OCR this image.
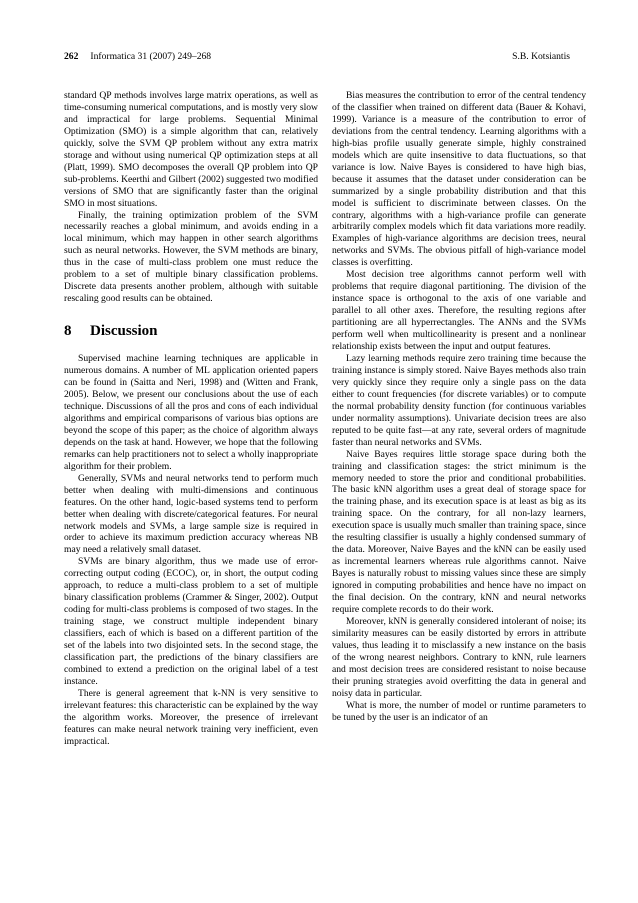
262 Informatica 31 (2007) 249–268	S.B. Kotsiantis

standard QP methods involves large matrix operations, as well as time-consuming numerical computations, and is mostly very slow and impractical for large problems. Sequential Minimal Optimization (SMO) is a simple algorithm that can, relatively quickly, solve the SVM QP problem without any extra matrix storage and without using numerical QP optimization steps at all (Platt, 1999). SMO decomposes the overall QP problem into QP sub-problems. Keerthi and Gilbert (2002) suggested two modified versions of SMO that are significantly faster than the original SMO in most situations.

Finally, the training optimization problem of the SVM necessarily reaches a global minimum, and avoids ending in a local minimum, which may happen in other search algorithms such as neural networks. However, the SVM methods are binary, thus in the case of multi-class problem one must reduce the problem to a set of multiple binary classification problems. Discrete data presents another problem, although with suitable rescaling good results can be obtained.

8 Discussion

Supervised machine learning techniques are applicable in numerous domains. A number of ML application oriented papers can be found in (Saitta and Neri, 1998) and (Witten and Frank, 2005). Below, we present our conclusions about the use of each technique. Discussions of all the pros and cons of each individual algorithms and empirical comparisons of various bias options are beyond the scope of this paper; as the choice of algorithm always depends on the task at hand. However, we hope that the following remarks can help practitioners not to select a wholly inappropriate algorithm for their problem.

Generally, SVMs and neural networks tend to perform much better when dealing with multi-dimensions and continuous features. On the other hand, logic-based systems tend to perform better when dealing with discrete/categorical features. For neural network models and SVMs, a large sample size is required in order to achieve its maximum prediction accuracy whereas NB may need a relatively small dataset.

SVMs are binary algorithm, thus we made use of error-correcting output coding (ECOC), or, in short, the output coding approach, to reduce a multi-class problem to a set of multiple binary classification problems (Crammer & Singer, 2002). Output coding for multi-class problems is composed of two stages. In the training stage, we construct multiple independent binary classifiers, each of which is based on a different partition of the set of the labels into two disjointed sets. In the second stage, the classification part, the predictions of the binary classifiers are combined to extend a prediction on the original label of a test instance.

There is general agreement that k-NN is very sensitive to irrelevant features: this characteristic can be explained by the way the algorithm works. Moreover, the presence of irrelevant features can make neural network training very inefficient, even impractical.

Bias measures the contribution to error of the central tendency of the classifier when trained on different data (Bauer & Kohavi, 1999). Variance is a measure of the contribution to error of deviations from the central tendency. Learning algorithms with a high-bias profile usually generate simple, highly constrained models which are quite insensitive to data fluctuations, so that variance is low. Naive Bayes is considered to have high bias, because it assumes that the dataset under consideration can be summarized by a single probability distribution and that this model is sufficient to discriminate between classes. On the contrary, algorithms with a high-variance profile can generate arbitrarily complex models which fit data variations more readily. Examples of high-variance algorithms are decision trees, neural networks and SVMs. The obvious pitfall of high-variance model classes is overfitting.

Most decision tree algorithms cannot perform well with problems that require diagonal partitioning. The division of the instance space is orthogonal to the axis of one variable and parallel to all other axes. Therefore, the resulting regions after partitioning are all hyperrectangles. The ANNs and the SVMs perform well when multicollinearity is present and a nonlinear relationship exists between the input and output features.

Lazy learning methods require zero training time because the training instance is simply stored. Naive Bayes methods also train very quickly since they require only a single pass on the data either to count frequencies (for discrete variables) or to compute the normal probability density function (for continuous variables under normality assumptions). Univariate decision trees are also reputed to be quite fast—at any rate, several orders of magnitude faster than neural networks and SVMs.

Naive Bayes requires little storage space during both the training and classification stages: the strict minimum is the memory needed to store the prior and conditional probabilities. The basic kNN algorithm uses a great deal of storage space for the training phase, and its execution space is at least as big as its training space. On the contrary, for all non-lazy learners, execution space is usually much smaller than training space, since the resulting classifier is usually a highly condensed summary of the data. Moreover, Naive Bayes and the kNN can be easily used as incremental learners whereas rule algorithms cannot. Naive Bayes is naturally robust to missing values since these are simply ignored in computing probabilities and hence have no impact on the final decision. On the contrary, kNN and neural networks require complete records to do their work.

Moreover, kNN is generally considered intolerant of noise; its similarity measures can be easily distorted by errors in attribute values, thus leading it to misclassify a new instance on the basis of the wrong nearest neighbors. Contrary to kNN, rule learners and most decision trees are considered resistant to noise because their pruning strategies avoid overfitting the data in general and noisy data in particular.

What is more, the number of model or runtime parameters to be tuned by the user is an indicator of an
